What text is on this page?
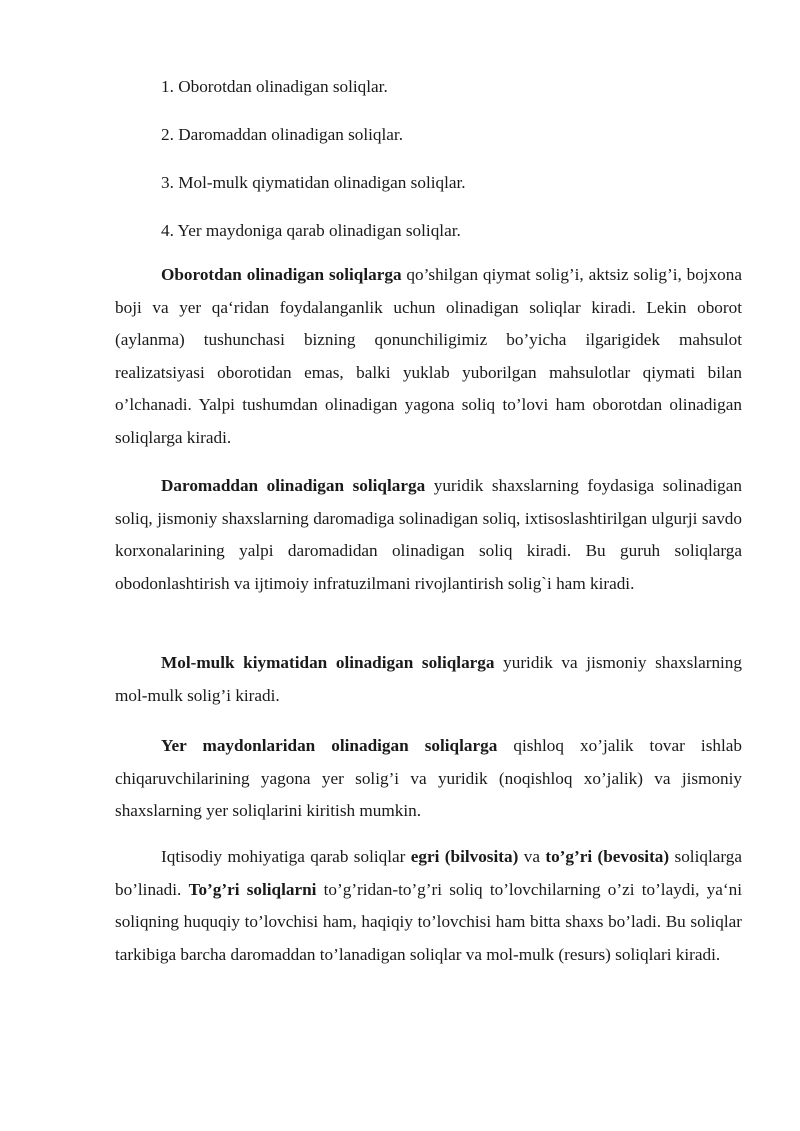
1. Oborotdan olinadigan soliqlar.
2. Daromaddan olinadigan soliqlar.
3. Mol-mulk qiymatidan olinadigan soliqlar.
4. Yer maydoniga qarab olinadigan soliqlar.

Oborotdan olinadigan soliqlarga qo’shilgan qiymat solig’i, aktsiz solig’i, bojxona boji va yer qa‘ridan foydalanganlik uchun olinadigan soliqlar kiradi. Lekin oborot (aylanma) tushunchasi bizning qonunchiligimiz bo’yicha ilgarigidek mahsulot realizatsiyasi oborotidan emas, balki yuklab yuborilgan mahsulotlar qiymati bilan o’lchanadi. Yalpi tushumdan olinadigan yagona soliq to’lovi ham oborotdan olinadigan soliqlarga kiradi.

Daromaddan olinadigan soliqlarga yuridik shaxslarning foydasiga solinadigan soliq, jismoniy shaxslarning daromadiga solinadigan soliq, ixtisoslashtirilgan ulgurji savdo korxonalarining yalpi daromadidan olinadigan soliq kiradi. Bu guruh soliqlarga obodonlashtirish va ijtimoiy infratuzilmani rivojlantirish solig`i ham kiradi.

Mol-mulk kiymatidan olinadigan soliqlarga yuridik va jismoniy shaxslarning mol-mulk solig’i kiradi.

Yer maydonlaridan olinadigan soliqlarga qishloq xo’jalik tovar ishlab chiqaruvchilarining yagona yer solig’i va yuridik (noqishloq xo’jalik) va jismoniy shaxslarning yer soliqlarini kiritish mumkin.

Iqtisodiy mohiyatiga qarab soliqlar egri (bilvosita) va to’g’ri (bevosita) soliqlarga bo’linadi. To’g’ri soliqlarni to’g’ridan-to’g’ri soliq to’lovchilarning o’zi to’laydi, ya‘ni soliqning huquqiy to’lovchisi ham, haqiqiy to’lovchisi ham bitta shaxs bo’ladi. Bu soliqlar tarkibiga barcha daromaddan to’lanadigan soliqlar va mol-mulk (resurs) soliqlari kiradi.
